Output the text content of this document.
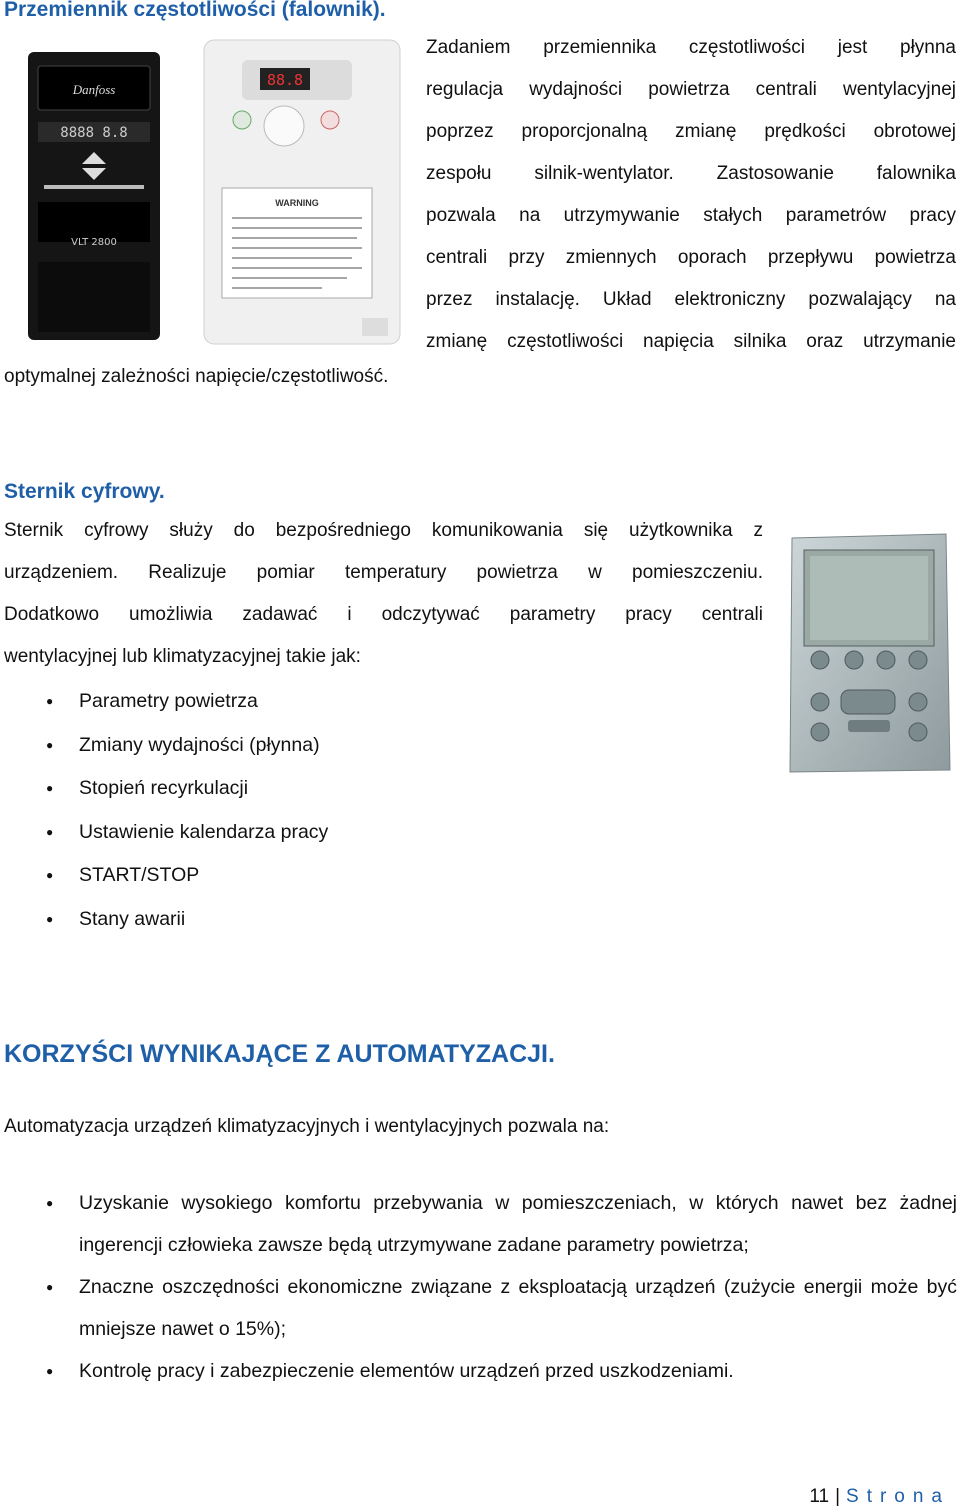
Przemiennik częstotliwości (falownik).
Danfoss
8888 8.8
VLT 2800
88.8
WARNING
Zadaniem przemiennika częstotliwości jest płynna
regulacja wydajności powietrza centrali wentylacyjnej
poprzez proporcjonalną zmianę prędkości obrotowej
zespołu silnik-wentylator. Zastosowanie falownika
pozwala na utrzymywanie stałych parametrów pracy
centrali przy zmiennych oporach przepływu powietrza
przez instalację. Układ elektroniczny pozwalający na
zmianę częstotliwości napięcia silnika oraz utrzymanie
optymalnej zależności napięcie/częstotliwość.
Sternik cyfrowy.
Sternik cyfrowy służy do bezpośredniego komunikowania się użytkownika z
urządzeniem. Realizuje pomiar temperatury powietrza w pomieszczeniu.
Dodatkowo umożliwia zadawać i odczytywać parametry pracy centrali
wentylacyjnej lub klimatyzacyjnej takie jak:
● Parametry powietrza
● Zmiany wydajności (płynna)
● Stopień recyrkulacji
● Ustawienie kalendarza pracy
● START/STOP
● Stany awarii
KORZYŚCI WYNIKAJĄCE Z AUTOMATYZACJI.
Automatyzacja urządzeń klimatyzacyjnych i wentylacyjnych pozwala na:
● Uzyskanie wysokiego komfortu przebywania w pomieszczeniach, w których nawet bez żadnej ingerencji człowieka zawsze będą utrzymywane zadane parametry powietrza;
● Znaczne oszczędności ekonomiczne związane z eksploatacją urządzeń (zużycie energii może być mniejsze nawet o 15%);
● Kontrolę pracy i zabezpieczenie elementów urządzeń przed uszkodzeniami.
11 | Strona
